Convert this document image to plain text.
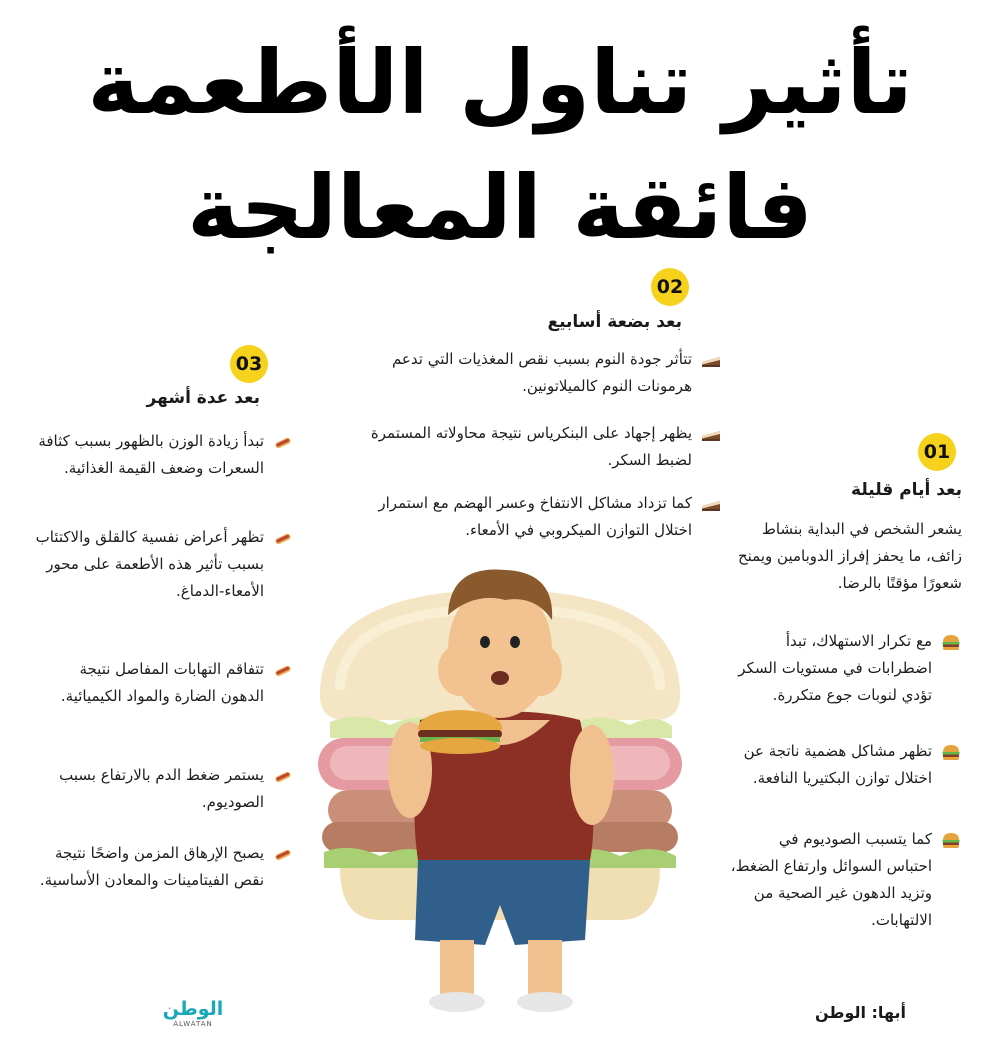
تأثير تناول الأطعمة
فائقة المعالجة
01
بعد أيام قليلة
يشعر الشخص في البداية بنشاط زائف، ما يحفز إفراز الدوبامين ويمنح شعورًا مؤقتًا بالرضا.
مع تكرار الاستهلاك، تبدأ اضطرابات في مستويات السكر تؤدي لنوبات جوع متكررة.
تظهر مشاكل هضمية ناتجة عن اختلال توازن البكتيريا النافعة.
كما يتسبب الصوديوم في احتباس السوائل وارتفاع الضغط، وتزيد الدهون غير الصحية من الالتهابات.
02
بعد بضعة أسابيع
تتأثر جودة النوم بسبب نقص المغذيات التي تدعم هرمونات النوم كالميلاتونين.
يظهر إجهاد على البنكرياس نتيجة محاولاته المستمرة لضبط السكر.
كما تزداد مشاكل الانتفاخ وعسر الهضم مع استمرار اختلال التوازن الميكروبي في الأمعاء.
03
بعد عدة أشهر
تبدأ زيادة الوزن بالظهور بسبب كثافة السعرات وضعف القيمة الغذائية.
تظهر أعراض نفسية كالقلق والاكتئاب بسبب تأثير هذه الأطعمة على محور الأمعاء-الدماغ.
تتفاقم التهابات المفاصل نتيجة الدهون الضارة والمواد الكيميائية.
يستمر ضغط الدم بالارتفاع بسبب الصوديوم.
يصبح الإرهاق المزمن واضحًا نتيجة نقص الفيتامينات والمعادن الأساسية.
أبها: الوطن
الوطن
ALWATAN
